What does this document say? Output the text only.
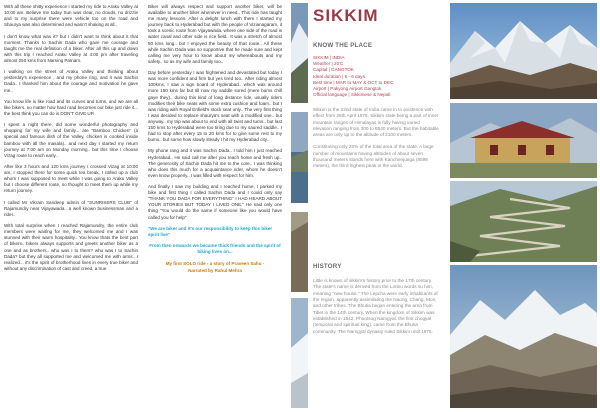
With all these shitty experience I started my ride to Araku Valley at 10:00 am. Believe me today Sun was clear, no clouds, no drizzle and to my surprise there were vehicle too on the road and Shaurya was also determined and wasn't shaking at all..

I don't know what was it? but I didn't want to think about it that moment. Thanks to Sachin Dada who gave me courage and taught me the real definition of a biker. After all this up and down with this trip I reached Araku Valley at 4:00 pm after traveling almost 250 kms from Narsing Patnam.

I walking on the street of Araku Valley and thinking about yesterday's experience , and my phone ring, and it was Sachin Dada.. I thanked him about the courage and motivation he gave me..

You know life is like road and its curves and turns, and we are all like bikers. no matter how hard road becomes our bike just ride it... the best think you can do is DON'T GIVE UP.

I spent a night there, did some wonderful photography and shopping for my wife and family... ate "Bamboo Chicken" (a special and famous dish of the Valley, chicken is cooked inside bamboo with all the masala).. and next day I started my return journey at 7:00 am on Monday morning.. but this time I choose Vizag route to reach early..

After like 3 hours and 120 kms journey I crossed Vizag at 10:00 am, I stopped there for some quick tea break, I called up a club whom I was supposed to meet while I was going to Araku Valley but I choose different route, so thought to meet them up while my return journey.

I called Mr Vikram Sandeep admin of "SUNRISERS CLUB" of Rajamundry near Vijayawada.. a well known businessman and a rider..

With total surprise when I reached Rajamundry, the entire club members were waiting for me, they welcomed me and I was stunned with their warm hospitality.. You know thats the best part of bikers.. bikers always supports and greets another biker as a one and as brothers.. who was I to them? who was I to Sachin Dada? but they all supported me and welcomed me with arms.. I realized... it's the spirit of brotherhood lives in every true biker and without any discrimination of cast and creed, a true

Biker will always respect and support another biker, will be available to another biker whenever in need.. This ride has taught me many lessons. After a delight lunch with them I started my journey back to Hyderabad but with the people of Vizianagaram, it took a scenic route from Vijayawada, where one side of the road is water canal and other side is rice field.. It was a stretch of almost 50 kms long.. but I enjoyed the beauty of that route.. All these while Sachin Dada was so supportive that he made sure and kept calling me very hour to know about my whereabouts and my safety.. so as my wife and family too..

Day before yesterday I was frightened and devastated but today I was more confident and firm but yes tired too.. After riding almost 100kms, I saw a sign board of Hyderabad.. which was around more 150 kms far but till now my saddle sored (mere bums chill gaye they).. during this kind of long distance ride, usually riders modifies their bike seats with some extra cushion and foam.. but I was riding with Royal Enfield's stock seat only.. The very first thing I was decided to replace shaurya's seat with a modified one.. but anyway.. my trip was about to end with all twist and turns.. but last 150 kms to Hyderabad were too tiring due to my saured saddle.. I had to stop after every 15 to 20 kms for to give some rest to my bums.. but some how slowly steady I hit my Hyderabad city..

My phone rang and it was Sachin Dada.. I told him I just reached Hyderabad.. He said call me after you reach home and fresh up.. The generosity of Sachin Dada hit me to the core.. I was thinking who does this much for a acquaintance rider, whom he doesn't even know properly.. I was filled with respect for him.

And finally I saw my building and I reached home, I parked my bike and first thing I called Sachin Dada and I could only say "THANK YOU DADA FOR EVERYTHING" I HAD HEARD ABOUT YOUR STORIES BUT TODAY I LIVED ONE." He said only one thing "You would do the same if someone like you would have called you for help"

"We are biker and it's our responsibility to keep this biker spirit live"

From then onwards we became thick friends and the spirit of biking lives on...

My first SOLO ride - a story of Praveen Sahu -
Narrated by Rahul Mehra

SIKKIM
KNOW THE PLACE
SIKKIM | INDIA
Weather | 20'C
Capital | GANGTOK
Ideal duration | 5 - 6 days
Best time | MAR to MAY & OCT to DEC
Airport | Pakyong Airport Gangtok
Official language | Sikkimese & Nepali

Sikkim is the 22nd state of India came in to existence with effect from 26th April 1975. Sikkim state being a part of inner mountain ranges of Himalayas is fully having varied elevation ranging from 300 to 8540 meters. But the habitable areas are only up to the altitude of 2100 meters.

Constituting only 20% of the total area of the state. A large number of mountains having altitudes of about seven thousand meters stands here with Kanchenjunga (8598 meters), the third highest peak in the world.

HISTORY

Little is known of sikkim's history prior to the 17th century. The state's name is derived from the Limbu words su him, meaning "new house." The Lepcha were early inhabitants of the region, apparently assimilating the Naong, Chang, Mon, and other tribes. The Bhutia began entering the area from Tibet in the 14th century. When the kingdom of Sikkim was established in 1642, Phuntsog Namgyal, the first chogyal (temporal and spiritual king), came from the Bhutia community. The Namgyal dynasty ruled Sikkim until 1975.
